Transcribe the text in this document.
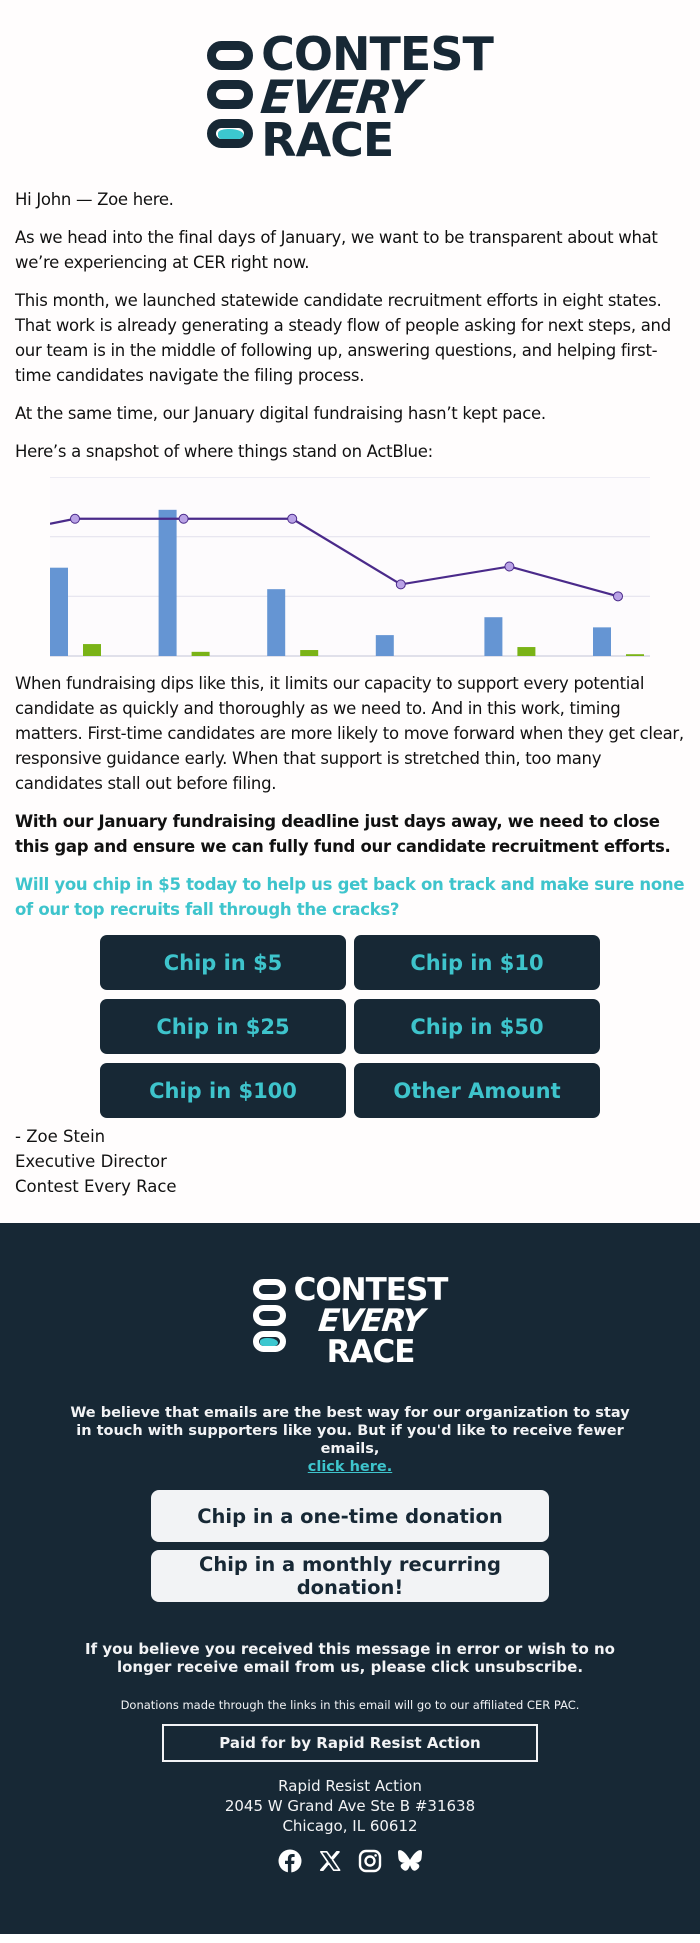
CONTEST
EVERY
RACE

Hi John — Zoe here.

As we head into the final days of January, we want to be transparent about what we’re experiencing at CER right now.

This month, we launched statewide candidate recruitment efforts in eight states. That work is already generating a steady flow of people asking for next steps, and our team is in the middle of following up, answering questions, and helping first-time candidates navigate the filing process.

At the same time, our January digital fundraising hasn’t kept pace.

Here’s a snapshot of where things stand on ActBlue:

When fundraising dips like this, it limits our capacity to support every potential candidate as quickly and thoroughly as we need to. And in this work, timing matters. First-time candidates are more likely to move forward when they get clear, responsive guidance early. When that support is stretched thin, too many candidates stall out before filing.

With our January fundraising deadline just days away, we need to close this gap and ensure we can fully fund our candidate recruitment efforts.

Will you chip in $5 today to help us get back on track and make sure none of our top recruits fall through the cracks?

Chip in $5	Chip in $10
Chip in $25	Chip in $50
Chip in $100	Other Amount
- Zoe Stein
Executive Director
Contest Every Race
CONTEST
EVERY
RACE
We believe that emails are the best way for our organization to stay in touch with supporters like you. But if you'd like to receive fewer emails,
click here.
Chip in a one-time donation
Chip in a monthly recurring donation!
If you believe you received this message in error or wish to no longer receive email from us, please click unsubscribe.
Donations made through the links in this email will go to our affiliated CER PAC.
Paid for by Rapid Resist Action
Rapid Resist Action
2045 W Grand Ave Ste B #31638
Chicago, IL 60612
